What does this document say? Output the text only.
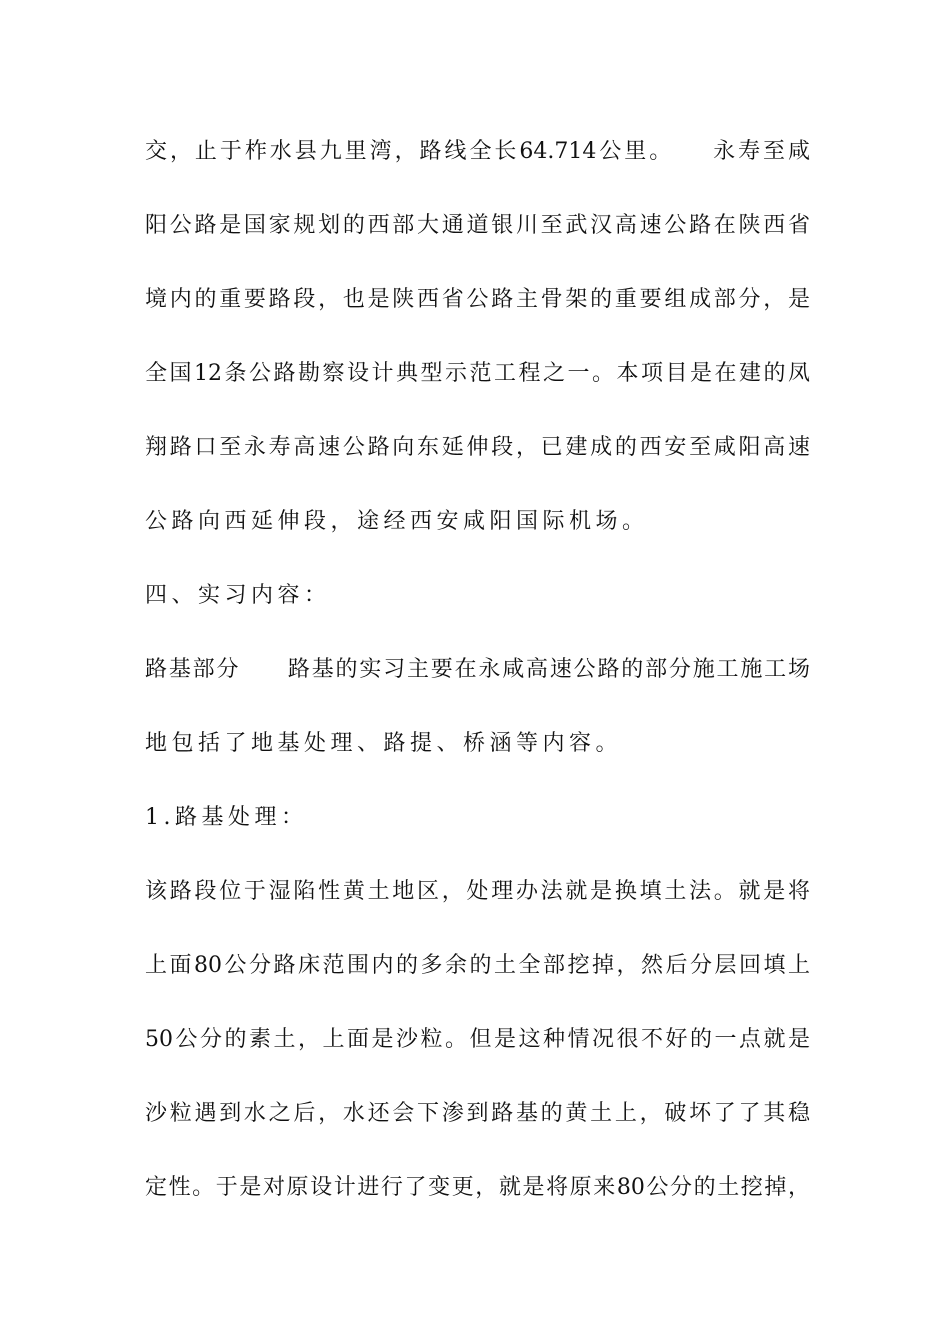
交，止于柞水县九里湾，路线全长64.714公里。　　永寿至咸
阳公路是国家规划的西部大通道银川至武汉高速公路在陕西省
境内的重要路段，也是陕西省公路主骨架的重要组成部分，是
全国12条公路勘察设计典型示范工程之一。本项目是在建的凤
翔路口至永寿高速公路向东延伸段，已建成的西安至咸阳高速
公路向西延伸段，途经西安咸阳国际机场。
四、实习内容：
路基部分　　路基的实习主要在永咸高速公路的部分施工施工场
地包括了地基处理、路提、桥涵等内容。
1.路基处理：
该路段位于湿陷性黄土地区，处理办法就是换填土法。就是将
上面80公分路床范围内的多余的土全部挖掉，然后分层回填上
50公分的素土，上面是沙粒。但是这种情况很不好的一点就是
沙粒遇到水之后，水还会下渗到路基的黄土上，破坏了了其稳
定性。于是对原设计进行了变更，就是将原来80公分的土挖掉，
